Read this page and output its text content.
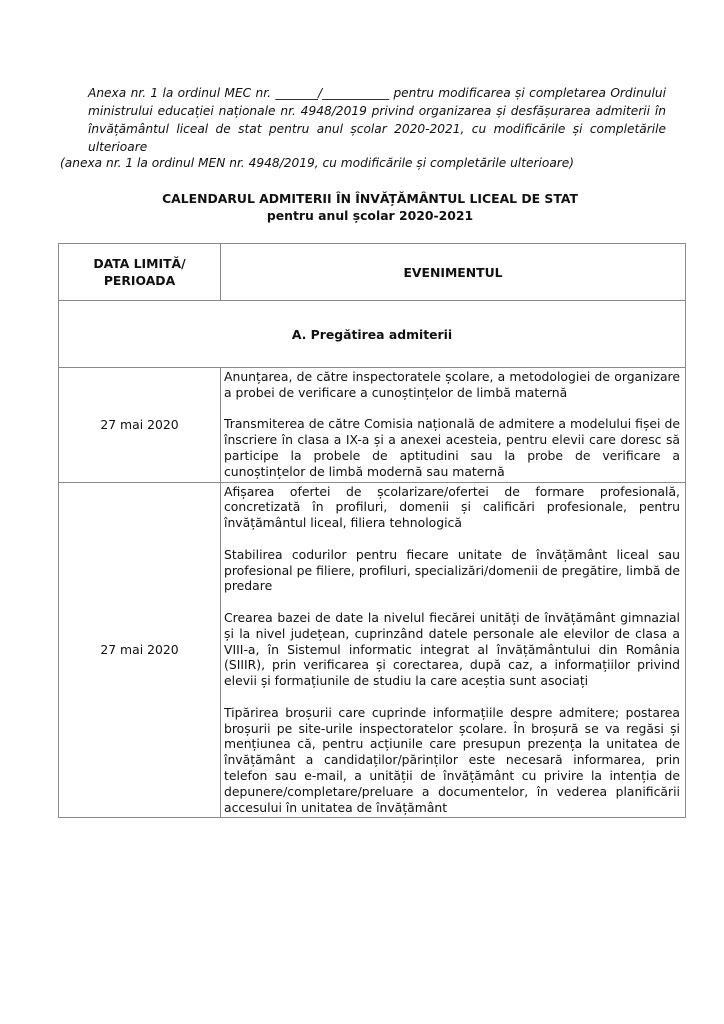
Anexa nr. 1 la ordinul MEC nr. _______/___________ pentru modificarea și completarea Ordinului ministrului educației naționale nr. 4948/2019 privind organizarea și desfășurarea admiterii în învățământul liceal de stat pentru anul școlar 2020-2021, cu modificările și completările ulterioare
(anexa nr. 1 la ordinul MEN nr. 4948/2019, cu modificările și completările ulterioare)
CALENDARUL ADMITERII ÎN ÎNVĂȚĂMÂNTUL LICEAL DE STAT
pentru anul școlar 2020-2021
DATA LIMITĂ/
PERIOADA	EVENIMENTUL
A. Pregătirea admiterii	
27 mai 2020	Anunțarea, de către inspectoratele școlare, a metodologiei de organizare a probei de verificare a cunoștințelor de limbă maternă

Transmiterea de către Comisia națională de admitere a modelului fișei de înscriere în clasa a IX-a și a anexei acesteia, pentru elevii care doresc să participe la probele de aptitudini sau la probe de verificare a cunoștințelor de limbă modernă sau maternă

27 mai 2020	Afișarea ofertei de școlarizare/ofertei de formare profesională, concretizată în profiluri, domenii și calificări profesionale, pentru învățământul liceal, filiera tehnologică

Stabilirea codurilor pentru fiecare unitate de învățământ liceal sau profesional pe filiere, profiluri, specializări/domenii de pregătire, limbă de predare

Crearea bazei de date la nivelul fiecărei unități de învățământ gimnazial și la nivel județean, cuprinzând datele personale ale elevilor de clasa a VIII-a, în Sistemul informatic integrat al învățământului din România (SIIIR), prin verificarea și corectarea, după caz, a informațiilor privind elevii și formațiunile de studiu la care aceștia sunt asociați

Tipărirea broșurii care cuprinde informațiile despre admitere; postarea broșurii pe site-urile inspectoratelor școlare. În broșură se va regăsi și mențiunea că, pentru acțiunile care presupun prezența la unitatea de învățământ a candidaților/părinților este necesară informarea, prin telefon sau e-mail, a unității de învățământ cu privire la intenția de depunere/completare/preluare a documentelor, în vederea planificării accesului în unitatea de învățământ
